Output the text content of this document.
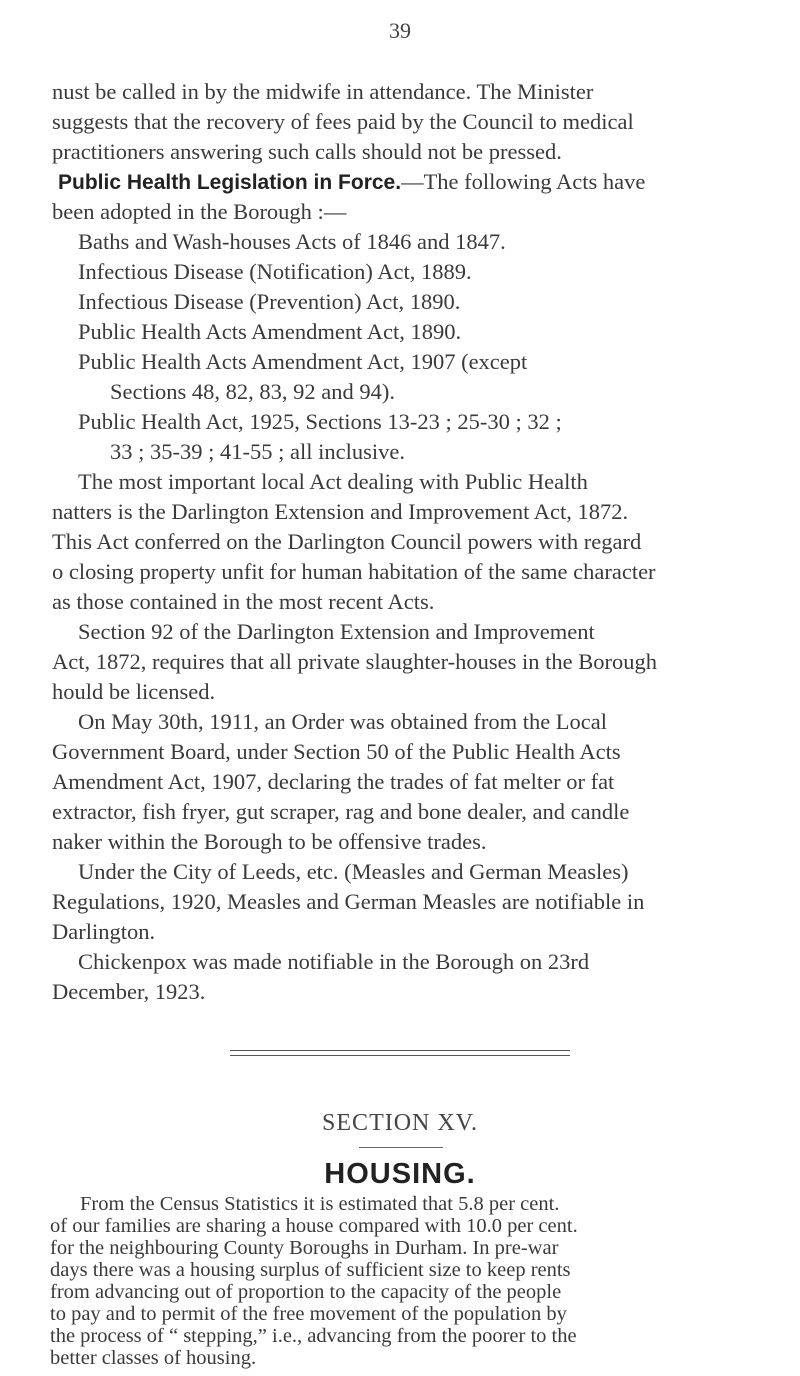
39
nust be called in by the midwife in attendance. The Minister
suggests that the recovery of fees paid by the Council to medical
practitioners answering such calls should not be pressed.
Public Health Legislation in Force.—The following Acts have
been adopted in the Borough :—
Baths and Wash-houses Acts of 1846 and 1847.
Infectious Disease (Notification) Act, 1889.
Infectious Disease (Prevention) Act, 1890.
Public Health Acts Amendment Act, 1890.
Public Health Acts Amendment Act, 1907 (except
Sections 48, 82, 83, 92 and 94).
Public Health Act, 1925, Sections 13-23 ; 25-30 ; 32 ;
33 ; 35-39 ; 41-55 ; all inclusive.
The most important local Act dealing with Public Health
natters is the Darlington Extension and Improvement Act, 1872.
This Act conferred on the Darlington Council powers with regard
o closing property unfit for human habitation of the same character
as those contained in the most recent Acts.
Section 92 of the Darlington Extension and Improvement
Act, 1872, requires that all private slaughter-houses in the Borough
hould be licensed.
On May 30th, 1911, an Order was obtained from the Local
Government Board, under Section 50 of the Public Health Acts
Amendment Act, 1907, declaring the trades of fat melter or fat
extractor, fish fryer, gut scraper, rag and bone dealer, and candle
naker within the Borough to be offensive trades.
Under the City of Leeds, etc. (Measles and German Measles)
Regulations, 1920, Measles and German Measles are notifiable in
Darlington.
Chickenpox was made notifiable in the Borough on 23rd
December, 1923.
SECTION XV.
HOUSING.
From the Census Statistics it is estimated that 5.8 per cent.
of our families are sharing a house compared with 10.0 per cent.
for the neighbouring County Boroughs in Durham. In pre-war
days there was a housing surplus of sufficient size to keep rents
from advancing out of proportion to the capacity of the people
to pay and to permit of the free movement of the population by
the process of “ stepping,” i.e., advancing from the poorer to the
better classes of housing.
